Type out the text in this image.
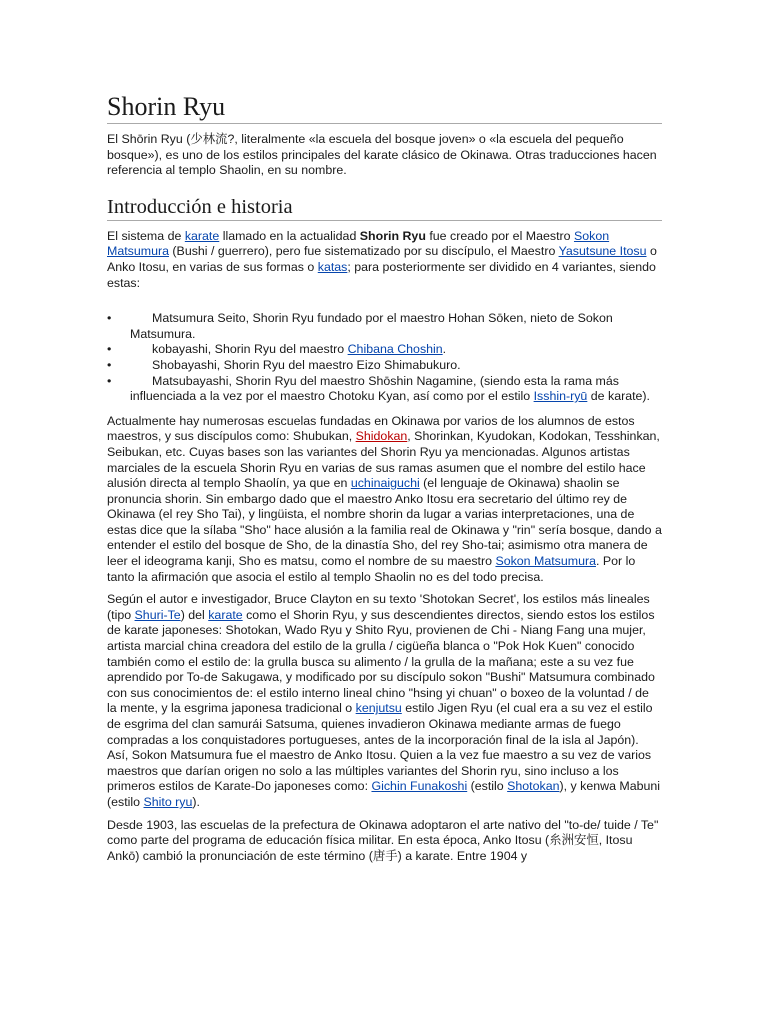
Shorin Ryu

El Shōrin Ryu (少林流?, literalmente «la escuela del bosque joven» o «la escuela del pequeño bosque»), es uno de los estilos principales del karate clásico de Okinawa. Otras traducciones hacen referencia al templo Shaolin, en su nombre.

Introducción e historia

El sistema de karate llamado en la actualidad Shorin Ryu fue creado por el Maestro Sokon Matsumura (Bushi / guerrero), pero fue sistematizado por su discípulo, el Maestro Yasutsune Itosu o Anko Itosu, en varias de sus formas o katas; para posteriormente ser dividido en 4 variantes, siendo estas:

•	Matsumura Seito, Shorin Ryu fundado por el maestro Hohan Sōken, nieto de Sokon Matsumura.
•	kobayashi, Shorin Ryu del maestro Chibana Choshin.
•	Shobayashi, Shorin Ryu del maestro Eizo Shimabukuro.
•	Matsubayashi, Shorin Ryu del maestro Shōshin Nagamine, (siendo esta la rama más influenciada a la vez por el maestro Chotoku Kyan, así como por el estilo Isshin-ryū de karate).

Actualmente hay numerosas escuelas fundadas en Okinawa por varios de los alumnos de estos maestros, y sus discípulos como: Shubukan, Shidokan, Shorinkan, Kyudokan, Kodokan, Tesshinkan, Seibukan, etc. Cuyas bases son las variantes del Shorin Ryu ya mencionadas. Algunos artistas marciales de la escuela Shorin Ryu en varias de sus ramas asumen que el nombre del estilo hace alusión directa al templo Shaolín, ya que en uchinaiguchi (el lenguaje de Okinawa) shaolin se pronuncia shorin. Sin embargo dado que el maestro Anko Itosu era secretario del último rey de Okinawa (el rey Sho Tai), y lingüista, el nombre shorin da lugar a varias interpretaciones, una de estas dice que la sílaba "Sho" hace alusión a la familia real de Okinawa y "rin" sería bosque, dando a entender el estilo del bosque de Sho, de la dinastía Sho, del rey Sho-tai; asimismo otra manera de leer el ideograma kanji, Sho es matsu, como el nombre de su maestro Sokon Matsumura. Por lo tanto la afirmación que asocia el estilo al templo Shaolin no es del todo precisa.

Según el autor e investigador, Bruce Clayton en su texto 'Shotokan Secret', los estilos más lineales (tipo Shuri-Te) del karate como el Shorin Ryu, y sus descendientes directos, siendo estos los estilos de karate japoneses: Shotokan, Wado Ryu y Shito Ryu, provienen de Chi - Niang Fang una mujer, artista marcial china creadora del estilo de la grulla / cigüeña blanca o "Pok Hok Kuen" conocido también como el estilo de: la grulla busca su alimento / la grulla de la mañana; este a su vez fue aprendido por To-de Sakugawa, y modificado por su discípulo sokon "Bushi" Matsumura combinado con sus conocimientos de: el estilo interno lineal chino "hsing yi chuan" o boxeo de la voluntad / de la mente, y la esgrima japonesa tradicional o kenjutsu estilo Jigen Ryu (el cual era a su vez el estilo de esgrima del clan samurái Satsuma, quienes invadieron Okinawa mediante armas de fuego compradas a los conquistadores portugueses, antes de la incorporación final de la isla al Japón). Así, Sokon Matsumura fue el maestro de Anko Itosu. Quien a la vez fue maestro a su vez de varios maestros que darían origen no solo a las múltiples variantes del Shorin ryu, sino incluso a los primeros estilos de Karate-Do japoneses como: Gichin Funakoshi (estilo Shotokan), y kenwa Mabuni (estilo Shito ryu).

Desde 1903, las escuelas de la prefectura de Okinawa adoptaron el arte nativo del "to-de/ tuide / Te" como parte del programa de educación física militar. En esta época, Anko Itosu (糸洲安恒, Itosu Ankō) cambió la pronunciación de este término (唐手) a karate. Entre 1904 y
